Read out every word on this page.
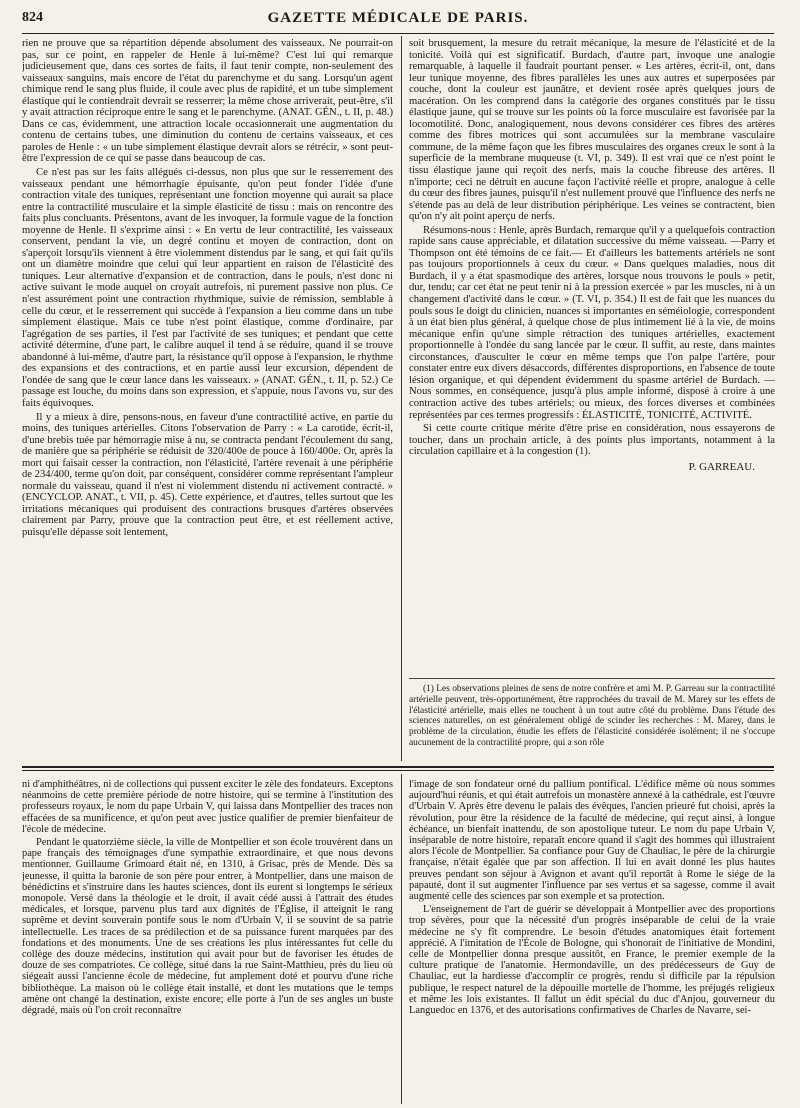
824	GAZETTE MÉDICALE DE PARIS.

rien ne prouve que sa répartition dépende absolument des vaisseaux. Ne pourrait-on pas, sur ce point, en rappeler de Henle à lui-même? C'est lui qui remarque judicieusement que, dans ces sortes de faits, il faut tenir compte, non-seulement des vaisseaux sanguins, mais encore de l'état du parenchyme et du sang. Lorsqu'un agent chimique rend le sang plus fluide, il coule avec plus de rapidité, et un tube simplement élastique qui le contiendrait devrait se resserrer; la même chose arriverait, peut-être, s'il y avait attraction réciproque entre le sang et le parenchyme. (ANAT. GÉN., t. II, p. 48.) Dans ce cas, évidemment, une attraction locale occasionnerait une augmentation du contenu de certains tubes, une diminution du contenu de certains vaisseaux, et ces paroles de Henle : « un tube simplement élastique devrait alors se rétrécir, » sont peut-être l'expression de ce qui se passe dans beaucoup de cas.

Ce n'est pas sur les faits allégués ci-dessus, non plus que sur le resserrement des vaisseaux pendant une hémorrhagie épuisante, qu'on peut fonder l'idée d'une contraction vitale des tuniques, représentant une fonction moyenne qui aurait sa place entre la contractilité musculaire et la simple élasticité de tissu : mais on rencontre des faits plus concluants. Présentons, avant de les invoquer, la formule vague de la fonction moyenne de Henle. Il s'exprime ainsi : « En vertu de leur contractilité, les vaisseaux conservent, pendant la vie, un degré continu et moyen de contraction, dont on s'aperçoit lorsqu'ils viennent à être violemment distendus par le sang, et qui fait qu'ils ont un diamètre moindre que celui qui leur appartient en raison de l'élasticité des tuniques. Leur alternative d'expansion et de contraction, dans le pouls, n'est donc ni active suivant le mode auquel on croyait autrefois, ni purement passive non plus. Ce n'est assurément point une contraction rhythmique, suivie de rémission, semblable à celle du cœur, et le resserrement qui succède à l'expansion a lieu comme dans un tube simplement élastique. Mais ce tube n'est point élastique, comme d'ordinaire, par l'agrégation de ses parties, il l'est par l'activité de ses tuniques; et pendant que cette activité détermine, d'une part, le calibre auquel il tend à se réduire, quand il se trouve abandonné à lui-même, d'autre part, la résistance qu'il oppose à l'expansion, le rhythme des expansions et des contractions, et en partie aussi leur excursion, dépendent de l'ondée de sang que le cœur lance dans les vaisseaux. » (ANAT. GÉN., t. II, p. 52.) Ce passage est louche, du moins dans son expression, et s'appuie, nous l'avons vu, sur des faits équivoques.

Il y a mieux à dire, pensons-nous, en faveur d'une contractilité active, en partie du moins, des tuniques artérielles. Citons l'observation de Parry : « La carotide, écrit-il, d'une brebis tuée par hémorragie mise à nu, se contracta pendant l'écoulement du sang, de manière que sa périphérie se réduisit de 320/400e de pouce à 160/400e. Or, après la mort qui faisait cesser la contraction, non l'élasticité, l'artère revenait à une périphérie de 234/400, terme qu'on doit, par conséquent, considérer comme représentant l'ampleur normale du vaisseau, quand il n'est ni violemment distendu ni activement contracté. » (ENCYCLOP. ANAT., t. VII, p. 45). Cette expérience, et d'autres, telles surtout que les irritations mécaniques qui produisent des contractions brusques d'artères observées clairement par Parry, prouve que la contraction peut être, et est réellement active, puisqu'elle dépasse soit lentement,

soit brusquement, la mesure du retrait mécanique, la mesure de l'élasticité et de la tonicité. Voilà qui est significatif. Burdach, d'autre part, invoque une analogie remarquable, à laquelle il faudrait pourtant penser. « Les artères, écrit-il, ont, dans leur tunique moyenne, des fibres parallèles les unes aux autres et superposées par couche, dont la couleur est jaunâtre, et devient rosée après quelques jours de macération. On les comprend dans la catégorie des organes constitués par le tissu élastique jaune, qui se trouve sur les points où la force musculaire est favorisée par la locomotilité. Donc, analogiquement, nous devons considérer ces fibres des artères comme des fibres motrices qui sont accumulées sur la membrane vasculaire commune, de la même façon que les fibres musculaires des organes creux le sont à la superficie de la membrane muqueuse (t. VI, p. 349). Il est vrai que ce n'est point le tissu élastique jaune qui reçoit des nerfs, mais la couche fibreuse des artères. Il n'importe; ceci ne détruit en aucune façon l'activité réelle et propre, analogue à celle du cœur des fibres jaunes, puisqu'il n'est nullement prouvé que l'influence des nerfs ne s'étende pas au delà de leur distribution périphérique. Les veines se contractent, bien qu'on n'y ait point aperçu de nerfs.

Résumons-nous : Henle, après Burdach, remarque qu'il y a quelquefois contraction rapide sans cause appréciable, et dilatation successive du même vaisseau. —Parry et Thompson ont été témoins de ce fait.— Et d'ailleurs les battements artériels ne sont pas toujours proportionnels à ceux du cœur. « Dans quelques maladies, nous dit Burdach, il y a état spasmodique des artères, lorsque nous trouvons le pouls » petit, dur, tendu; car cet état ne peut tenir ni à la pression exercée » par les muscles, ni à un changement d'activité dans le cœur. » (T. VI, p. 354.) Il est de fait que les nuances du pouls sous le doigt du clinicien, nuances si importantes en séméiologie, correspondent à un état bien plus général, à quelque chose de plus intimement lié à la vie, de moins mécanique enfin qu'une simple rétraction des tuniques artérielles, exactement proportionnelle à l'ondée du sang lancée par le cœur. Il suffit, au reste, dans maintes circonstances, d'ausculter le cœur en même temps que l'on palpe l'artère, pour constater entre eux divers désaccords, différentes disproportions, en l'absence de toute lésion organique, et qui dépendent évidemment du spasme artériel de Burdach. — Nous sommes, en conséquence, jusqu'à plus ample informé, disposé à croire à une contraction active des tubes artériels; ou mieux, des forces diverses et combinées représentées par ces termes progressifs : ÉLASTICITÉ, TONICITÉ, ACTIVITÉ.

Si cette courte critique mérite d'être prise en considération, nous essayerons de toucher, dans un prochain article, à des points plus importants, notamment à la circulation capillaire et à la congestion (1).

P. GARREAU.

(1) Les observations pleines de sens de notre confrère et ami M. P. Garreau sur la contractilité artérielle peuvent, très-opportunément, être rapprochées du travail de M. Marey sur les effets de l'élasticité artérielle, mais elles ne touchent à un tout autre côté du problème. Dans l'étude des sciences naturelles, on est généralement obligé de scinder les recherches : M. Marey, dans le problème de la circulation, étudie les effets de l'élasticité considérée isolément; il ne s'occupe aucunement de la contractilité propre, qui a son rôle

ni d'amphithéâtres, ni de collections qui pussent exciter le zèle des fondateurs. Exceptons néanmoins de cette première période de notre histoire, qui se termine à l'institution des professeurs royaux, le nom du pape Urbain V, qui laissa dans Montpellier des traces non effacées de sa munificence, et qu'on peut avec justice qualifier de premier bienfaiteur de l'école de médecine.

Pendant le quatorzième siècle, la ville de Montpellier et son école trouvèrent dans un pape français des témoignages d'une sympathie extraordinaire, et que nous devons mentionner. Guillaume Grimoard était né, en 1310, à Grisac, près de Mende. Dès sa jeunesse, il quitta la baronie de son père pour entrer, à Montpellier, dans une maison de bénédictins et s'instruire dans les hautes sciences, dont ils eurent si longtemps le sérieux monopole. Versé dans la théologie et le droit, il avait cédé aussi à l'attrait des études médicales, et lorsque, parvenu plus tard aux dignités de l'Église, il atteignit le rang suprême et devint souverain pontife sous le nom d'Urbain V, il se souvint de sa patrie intellectuelle. Les traces de sa prédilection et de sa puissance furent marquées par des fondations et des monuments. Une de ses créations les plus intéressantes fut celle du collège des douze médecins, institution qui avait pour but de favoriser les études de douze de ses compatriotes. Ce collège, situé dans la rue Saint-Matthieu, près du lieu où siégeait aussi l'ancienne école de médecine, fut amplement doté et pourvu d'une riche bibliothèque. La maison où le collège était installé, et dont les mutations que le temps amène ont changé la destination, existe encore; elle porte à l'un de ses angles un buste dégradé, mais où l'on croit reconnaître

l'image de son fondateur orné du pallium pontifical. L'édifice même où nous sommes aujourd'hui réunis, et qui était autrefois un monastère annexé à la cathédrale, est l'œuvre d'Urbain V. Après être devenu le palais des évêques, l'ancien prieuré fut choisi, après la révolution, pour être la résidence de la faculté de médecine, qui reçut ainsi, à longue échéance, un bienfait inattendu, de son apostolique tuteur. Le nom du pape Urbain V, inséparable de notre histoire, reparaît encore quand il s'agit des hommes qui illustraient alors l'école de Montpellier. Sa confiance pour Guy de Chauliac, le père de la chirurgie française, n'était égalée que par son affection. Il lui en avait donné les plus hautes preuves pendant son séjour à Avignon et avant qu'il reportât à Rome le siége de la papauté, dont il sut augmenter l'influence par ses vertus et sa sagesse, comme il avait augmenté celle des sciences par son exemple et sa protection.

L'enseignement de l'art de guérir se développait à Montpellier avec des proportions trop sévères, pour que la nécessité d'un progrès inséparable de celui de la vraie médecine ne s'y fît comprendre. Le besoin d'études anatomiques était fortement apprécié. A l'imitation de l'École de Bologne, qui s'honorait de l'initiative de Mondini, celle de Montpellier donna presque aussitôt, en France, le premier exemple de la culture pratique de l'anatomie. Hermondaville, un des prédécesseurs de Guy de Chauliac, eut la hardiesse d'accomplir ce progrès, rendu si difficile par la répulsion publique, le respect naturel de la dépouille mortelle de l'homme, les préjugés religieux et même les lois existantes. Il fallut un édit spécial du duc d'Anjou, gouverneur du Languedoc en 1376, et des autorisations confirmatives de Charles de Navarre, sei-
